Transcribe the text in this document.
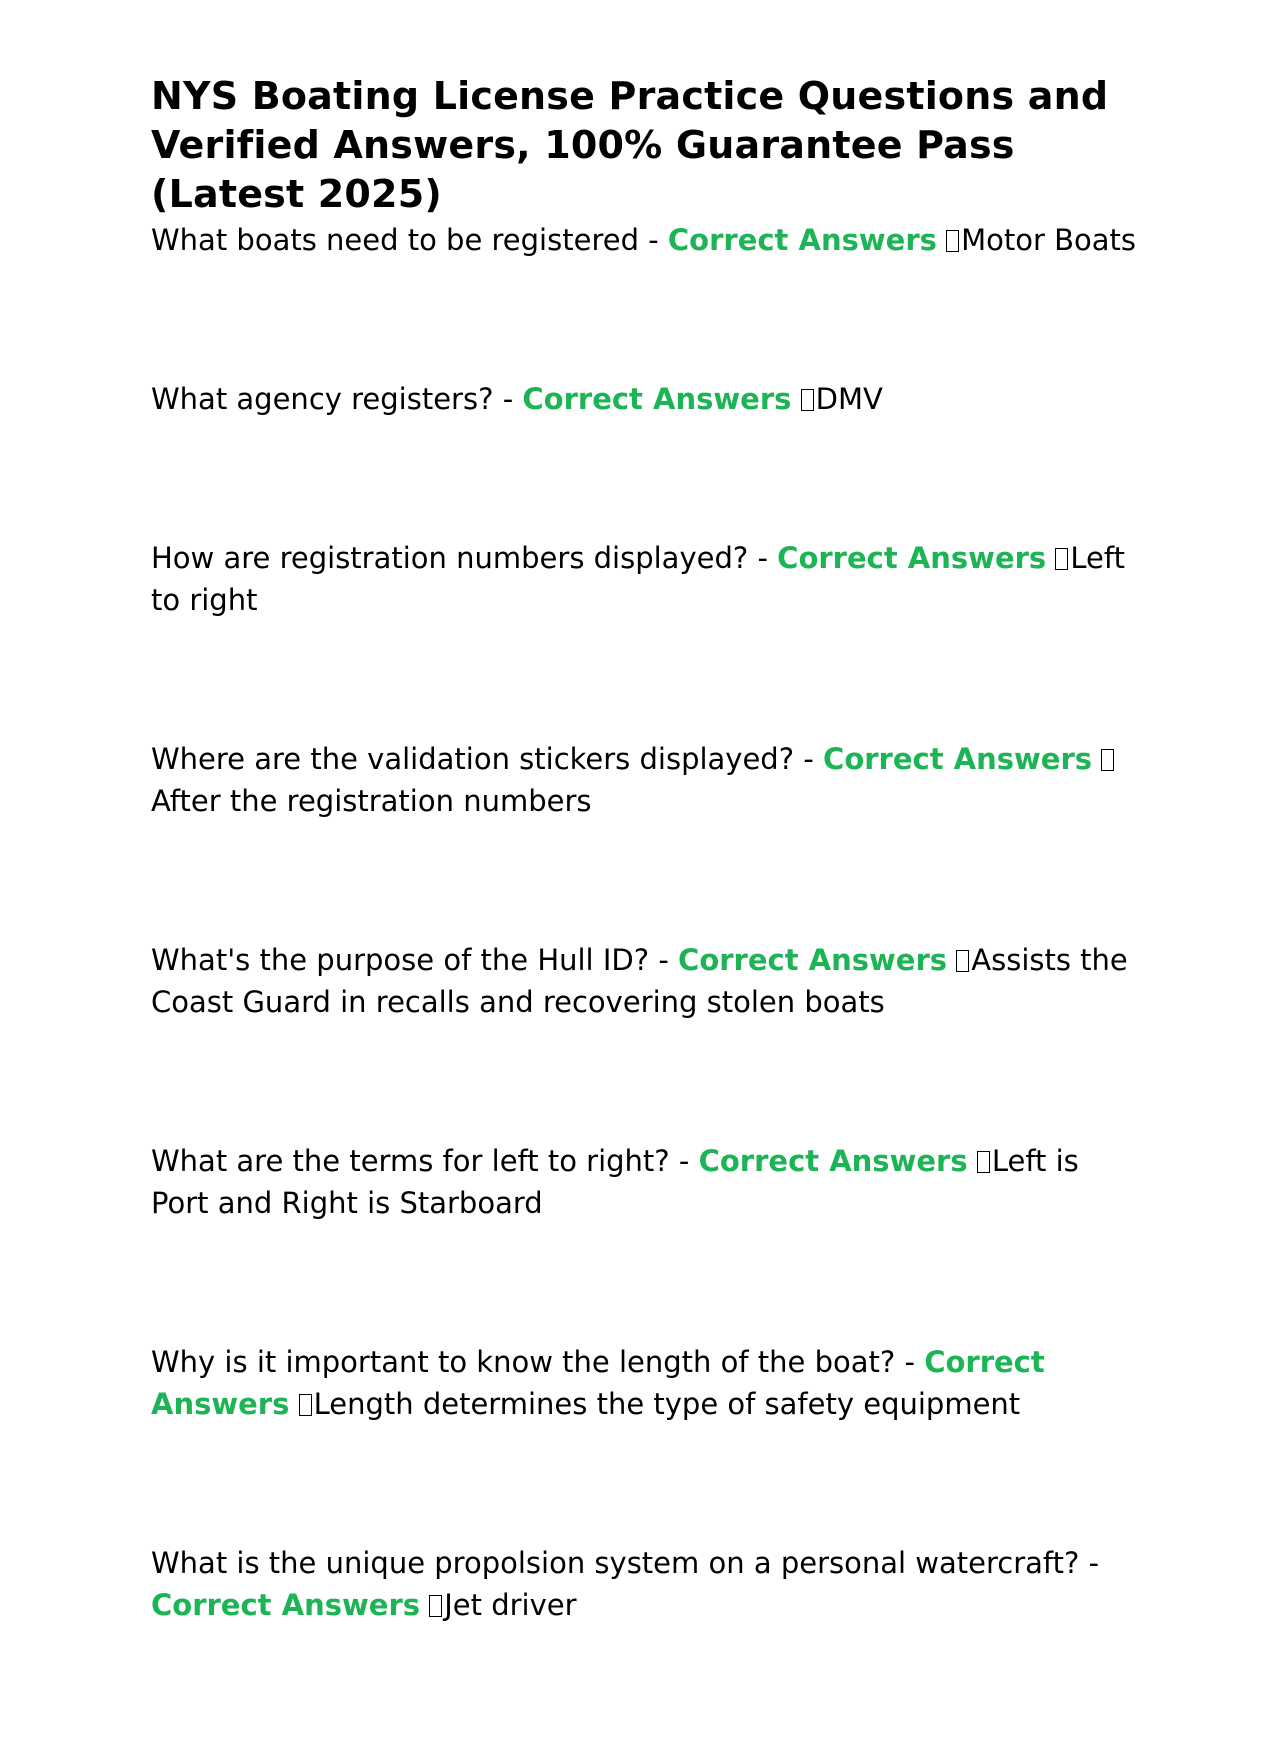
NYS Boating License Practice Questions and Verified Answers, 100% Guarantee Pass (Latest 2025)
What boats need to be registered - Correct Answers Motor Boats
What agency registers? - Correct Answers DMV
How are registration numbers displayed? - Correct Answers Left to right
Where are the validation stickers displayed? - Correct Answers After the registration numbers
What's the purpose of the Hull ID? - Correct Answers Assists the Coast Guard in recalls and recovering stolen boats
What are the terms for left to right? - Correct Answers Left is Port and Right is Starboard
Why is it important to know the length of the boat? - Correct Answers Length determines the type of safety equipment
What is the unique propolsion system on a personal watercraft? - Correct Answers Jet driver
